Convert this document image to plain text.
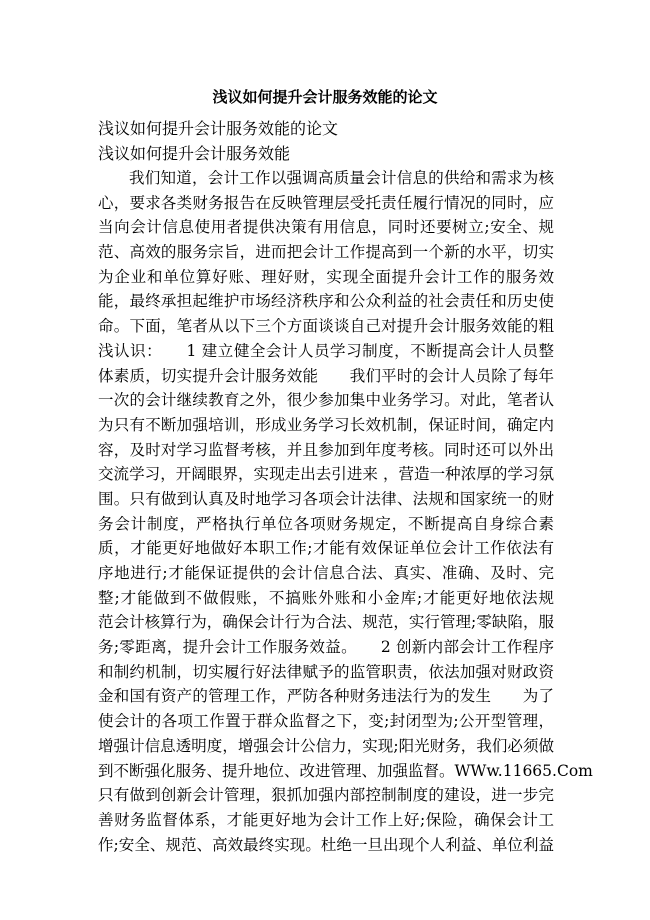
浅议如何提升会计服务效能的论文
浅议如何提升会计服务效能的论文
浅议如何提升会计服务效能
我们知道，会计工作以强调高质量会计信息的供给和需求为核
心，要求各类财务报告在反映管理层受托责任履行情况的同时，应
当向会计信息使用者提供决策有用信息，同时还要树立;安全、规
范、高效的服务宗旨，进而把会计工作提高到一个新的水平，切实
为企业和单位算好账、理好财，实现全面提升会计工作的服务效
能，最终承担起维护市场经济秩序和公众利益的社会责任和历史使
命。下面，笔者从以下三个方面谈谈自己对提升会计服务效能的粗
浅认识：　　1 建立健全会计人员学习制度，不断提高会计人员整
体素质，切实提升会计服务效能　　我们平时的会计人员除了每年
一次的会计继续教育之外，很少参加集中业务学习。对此，笔者认
为只有不断加强培训，形成业务学习长效机制，保证时间，确定内
容，及时对学习监督考核，并且参加到年度考核。同时还可以外出
交流学习，开阔眼界，实现走出去引进来 ，营造一种浓厚的学习氛
围。只有做到认真及时地学习各项会计法律、法规和国家统一的财
务会计制度，严格执行单位各项财务规定，不断提高自身综合素
质，才能更好地做好本职工作;才能有效保证单位会计工作依法有
序地进行;才能保证提供的会计信息合法、真实、准确、及时、完
整;才能做到不做假账，不搞账外账和小金库;才能更好地依法规
范会计核算行为，确保会计行为合法、规范，实行管理;零缺陷，服
务;零距离，提升会计工作服务效益。　　2 创新内部会计工作程序
和制约机制，切实履行好法律赋予的监管职责，依法加强对财政资
金和国有资产的管理工作，严防各种财务违法行为的发生　　为了
使会计的各项工作置于群众监督之下，变;封闭型为;公开型管理，
增强计信息透明度，增强会计公信力，实现;阳光财务，我们必须做
到不断强化服务、提升地位、改进管理、加强监督。WWw.11665.Com
只有做到创新会计管理，狠抓加强内部控制制度的建设，进一步完
善财务监督体系，才能更好地为会计工作上好;保险，确保会计工
作;安全、规范、高效最终实现。杜绝一旦出现个人利益、单位利益
